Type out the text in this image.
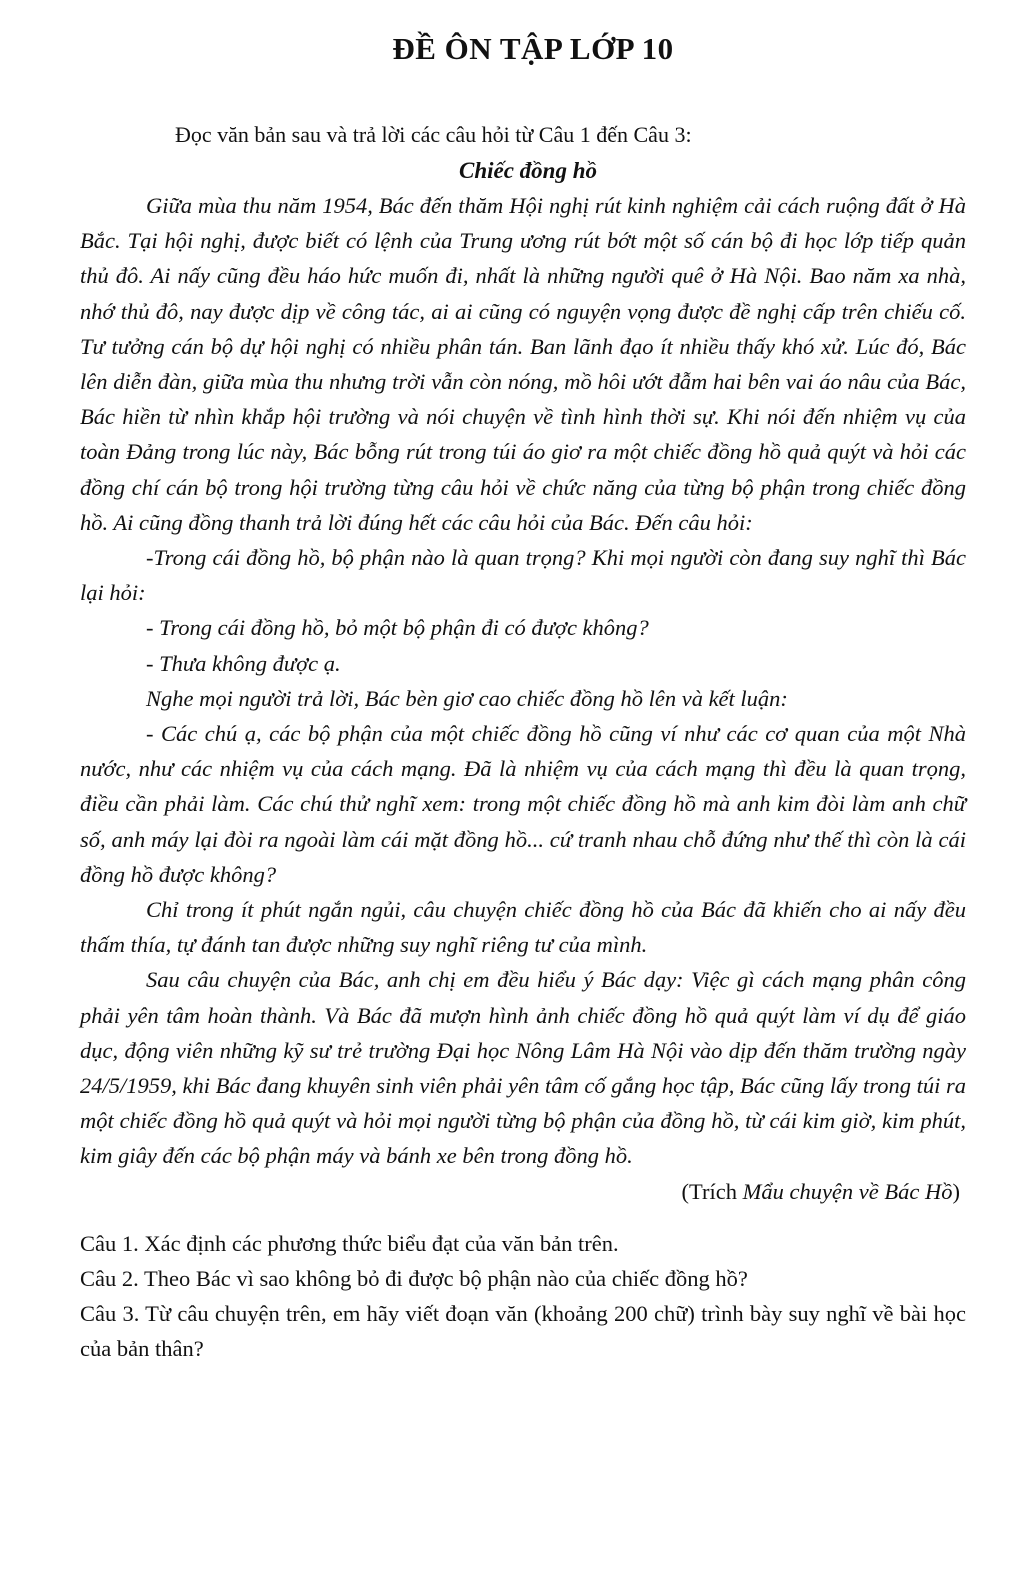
ĐỀ ÔN TẬP LỚP 10
Đọc văn bản sau và trả lời các câu hỏi từ Câu 1 đến Câu 3:
Chiếc đồng hồ

Giữa mùa thu năm 1954, Bác đến thăm Hội nghị rút kinh nghiệm cải cách ruộng đất ở Hà Bắc. Tại hội nghị, được biết có lệnh của Trung ương rút bớt một số cán bộ đi học lớp tiếp quản thủ đô. Ai nấy cũng đều háo hức muốn đi, nhất là những người quê ở Hà Nội. Bao năm xa nhà, nhớ thủ đô, nay được dịp về công tác, ai ai cũng có nguyện vọng được đề nghị cấp trên chiếu cố. Tư tưởng cán bộ dự hội nghị có nhiều phân tán. Ban lãnh đạo ít nhiều thấy khó xử. Lúc đó, Bác lên diễn đàn, giữa mùa thu nhưng trời vẫn còn nóng, mồ hôi ướt đẫm hai bên vai áo nâu của Bác, Bác hiền từ nhìn khắp hội trường và nói chuyện về tình hình thời sự. Khi nói đến nhiệm vụ của toàn Đảng trong lúc này, Bác bỗng rút trong túi áo giơ ra một chiếc đồng hồ quả quýt và hỏi các đồng chí cán bộ trong hội trường từng câu hỏi về chức năng của từng bộ phận trong chiếc đồng hồ. Ai cũng đồng thanh trả lời đúng hết các câu hỏi của Bác. Đến câu hỏi:

-Trong cái đồng hồ, bộ phận nào là quan trọng? Khi mọi người còn đang suy nghĩ thì Bác lại hỏi:

- Trong cái đồng hồ, bỏ một bộ phận đi có được không?

- Thưa không được ạ.

Nghe mọi người trả lời, Bác bèn giơ cao chiếc đồng hồ lên và kết luận:

- Các chú ạ, các bộ phận của một chiếc đồng hồ cũng ví như các cơ quan của một Nhà nước, như các nhiệm vụ của cách mạng. Đã là nhiệm vụ của cách mạng thì đều là quan trọng, điều cần phải làm. Các chú thử nghĩ xem: trong một chiếc đồng hồ mà anh kim đòi làm anh chữ số, anh máy lại đòi ra ngoài làm cái mặt đồng hồ... cứ tranh nhau chỗ đứng như thế thì còn là cái đồng hồ được không?

Chỉ trong ít phút ngắn ngủi, câu chuyện chiếc đồng hồ của Bác đã khiến cho ai nấy đều thấm thía, tự đánh tan được những suy nghĩ riêng tư của mình.

Sau câu chuyện của Bác, anh chị em đều hiểu ý Bác dạy: Việc gì cách mạng phân công phải yên tâm hoàn thành. Và Bác đã mượn hình ảnh chiếc đồng hồ quả quýt làm ví dụ để giáo dục, động viên những kỹ sư trẻ trường Đại học Nông Lâm Hà Nội vào dịp đến thăm trường ngày 24/5/1959, khi Bác đang khuyên sinh viên phải yên tâm cố gắng học tập, Bác cũng lấy trong túi ra một chiếc đồng hồ quả quýt và hỏi mọi người từng bộ phận của đồng hồ, từ cái kim giờ, kim phút, kim giây đến các bộ phận máy và bánh xe bên trong đồng hồ.

(Trích Mẩu chuyện về Bác Hồ)

Câu 1. Xác định các phương thức biểu đạt của văn bản trên.

Câu 2. Theo Bác vì sao không bỏ đi được bộ phận nào của chiếc đồng hồ?

Câu 3. Từ câu chuyện trên, em hãy viết đoạn văn (khoảng 200 chữ) trình bày suy nghĩ về bài học của bản thân?
